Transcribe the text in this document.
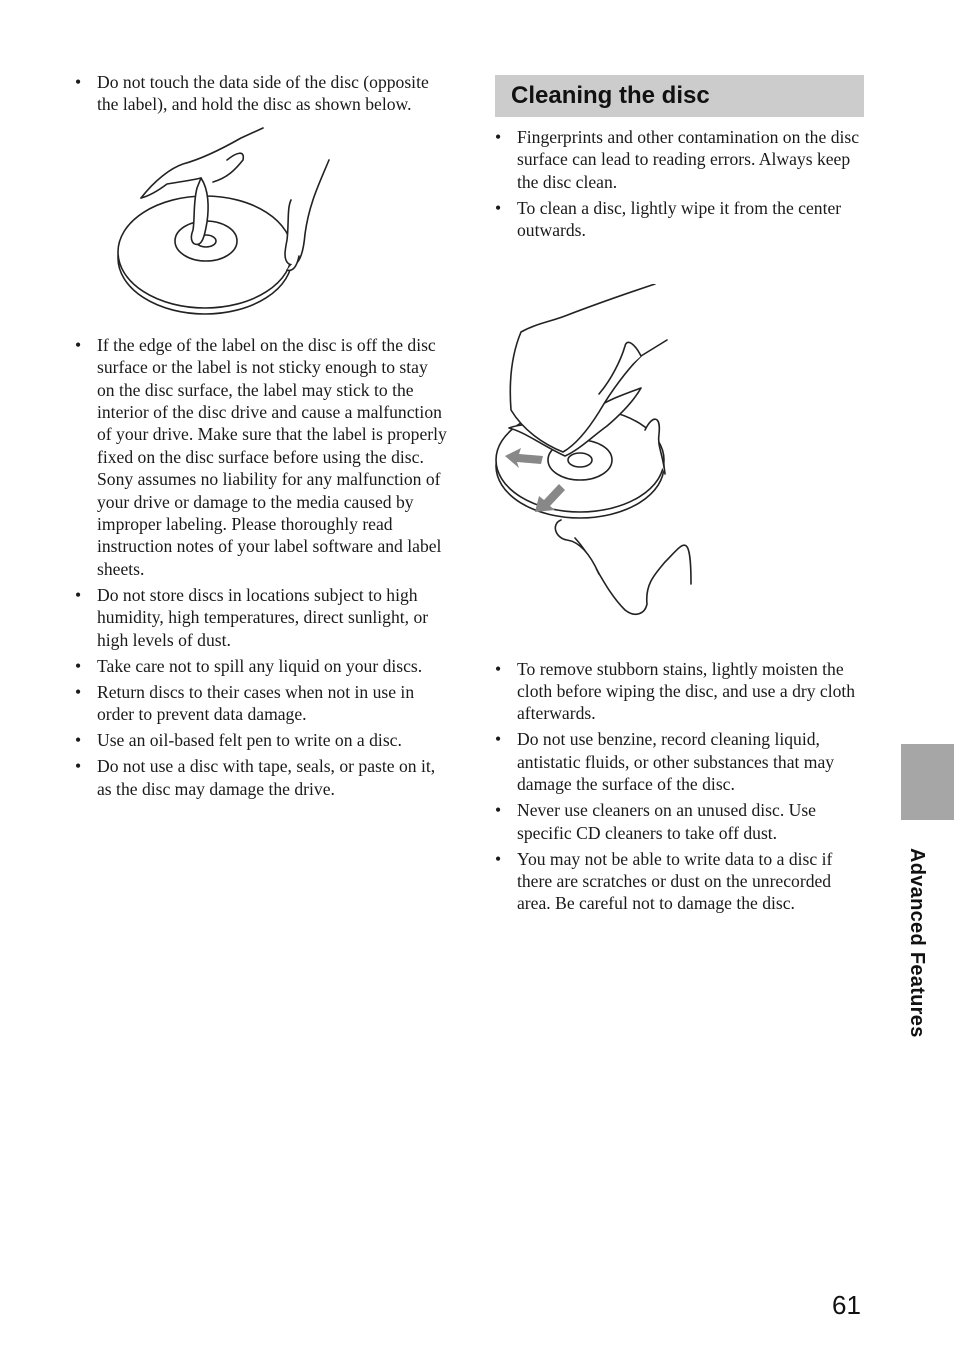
• Do not touch the data side of the disc (opposite the label), and hold the disc as shown below.
• If the edge of the label on the disc is off the disc surface or the label is not sticky enough to stay on the disc surface, the label may stick to the interior of the disc drive and cause a malfunction of your drive. Make sure that the label is properly fixed on the disc surface before using the disc. Sony assumes no liability for any malfunction of your drive or damage to the media caused by improper labeling. Please thoroughly read instruction notes of your label software and label sheets.
• Do not store discs in locations subject to high humidity, high temperatures, direct sunlight, or high levels of dust.
• Take care not to spill any liquid on your discs.
• Return discs to their cases when not in use in order to prevent data damage.
• Use an oil-based felt pen to write on a disc.
• Do not use a disc with tape, seals, or paste on it, as the disc may damage the drive.
Cleaning the disc
• Fingerprints and other contamination on the disc surface can lead to reading errors. Always keep the disc clean.
• To clean a disc, lightly wipe it from the center outwards.
• To remove stubborn stains, lightly moisten the cloth before wiping the disc, and use a dry cloth afterwards.
• Do not use benzine, record cleaning liquid, antistatic fluids, or other substances that may damage the surface of the disc.
• Never use cleaners on an unused disc. Use specific CD cleaners to take off dust.
• You may not be able to write data to a disc if there are scratches or dust on the unrecorded area. Be careful not to damage the disc.	Advanced Features
61
